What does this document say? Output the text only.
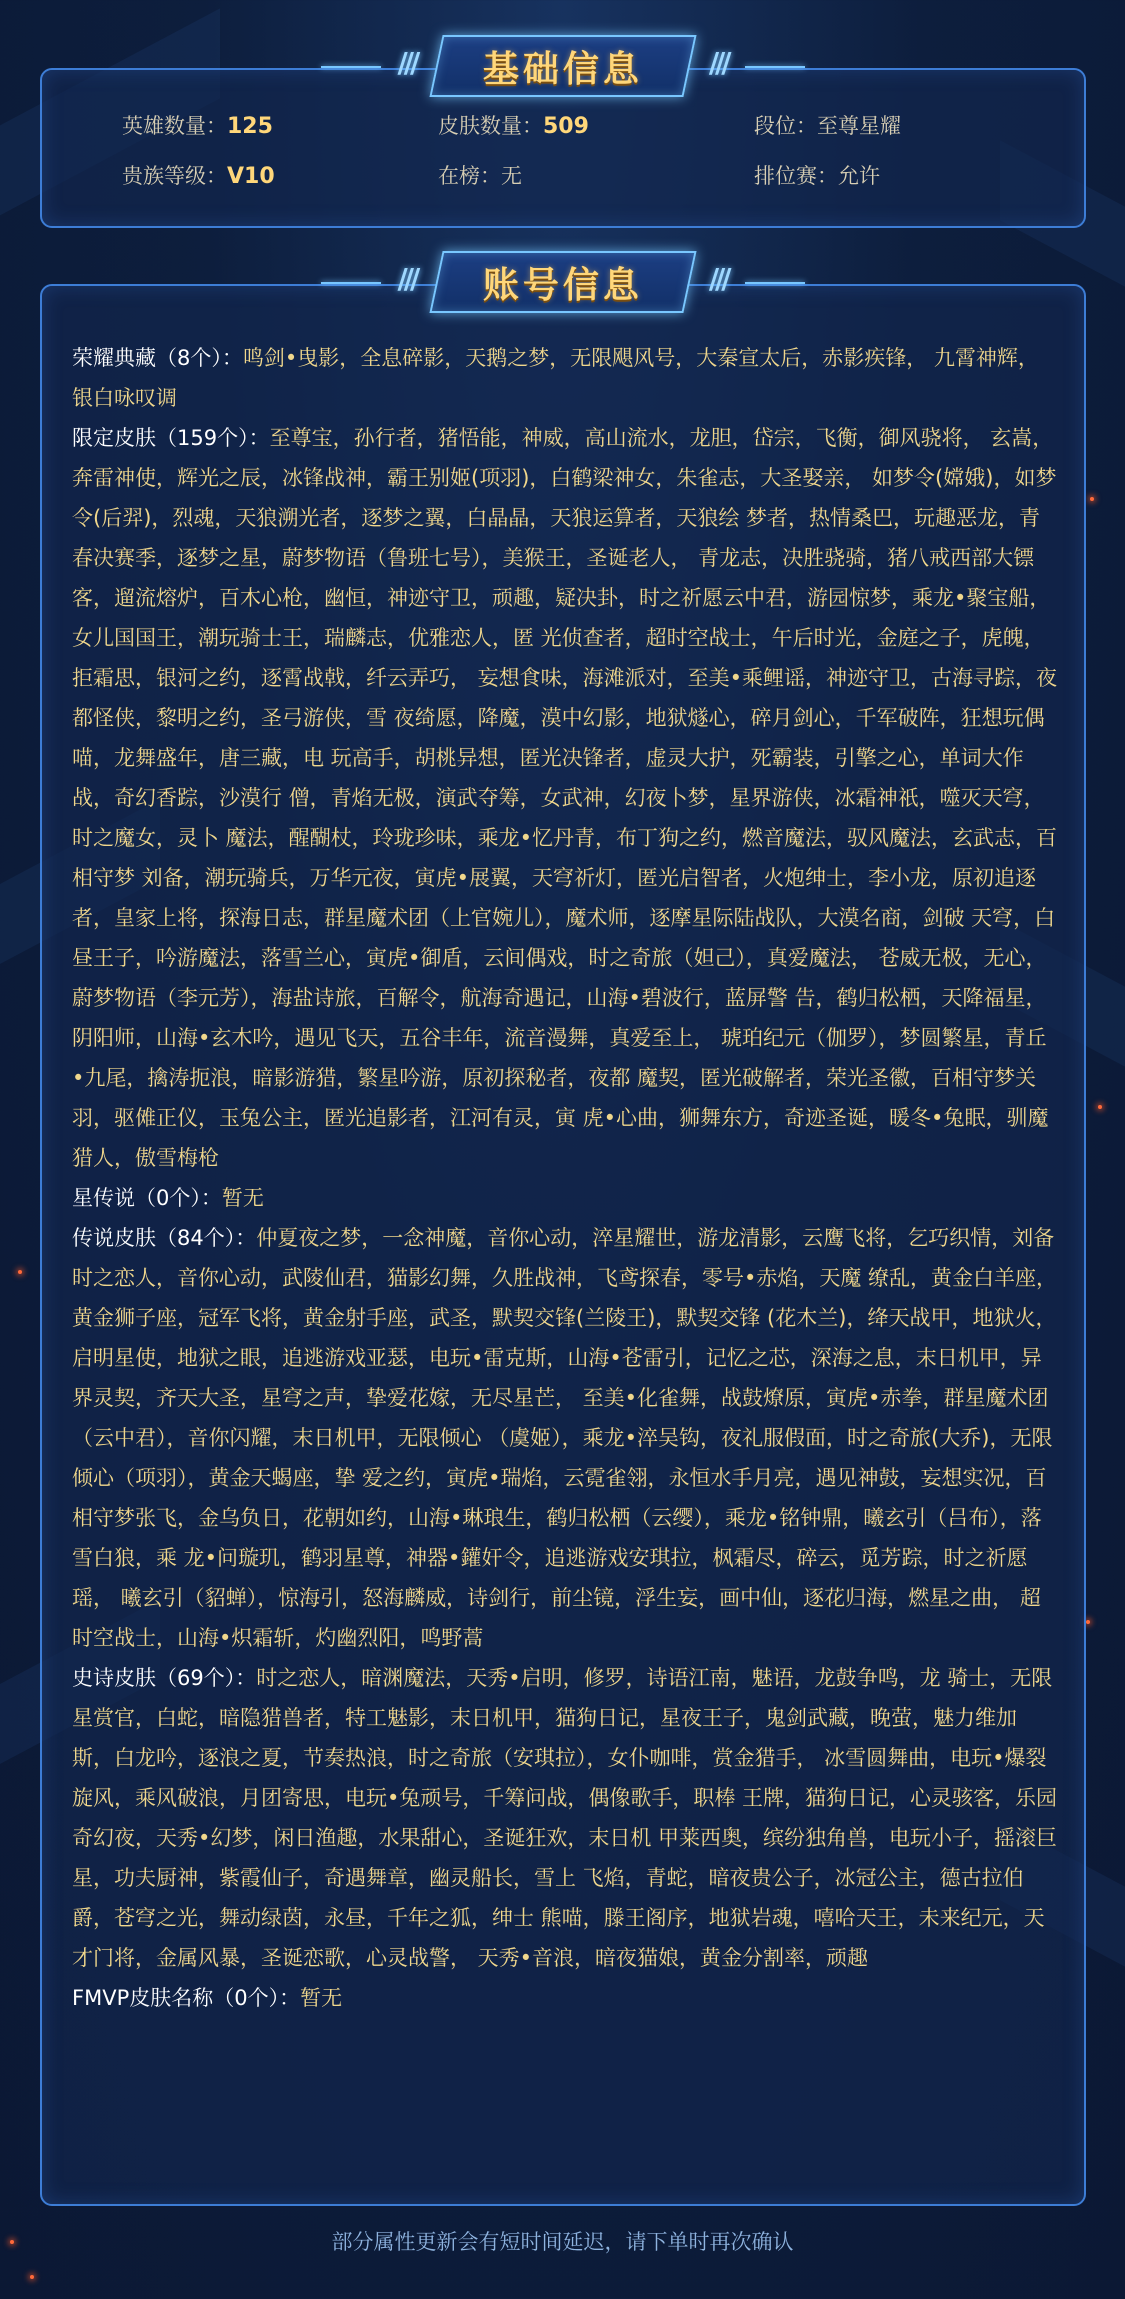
英雄数量：125	皮肤数量：509	段位：至尊星耀
贵族等级：V10	在榜：无	排位赛：允许
/// 基础信息 ///

荣耀典藏（8个）：鸣剑•曳影，全息碎影，天鹅之梦，无限飓风号，大秦宣太后，赤影疾锋， 九霄神辉，银白咏叹调

限定皮肤（159个）：至尊宝，孙行者，猪悟能，神威，高山流水，龙胆，岱宗，飞衡，御风骁将， 玄嵩，奔雷神使，辉光之辰，冰锋战神，霸王别姬(项羽)，白鹤梁神女，朱雀志，大圣娶亲， 如梦令(嫦娥)，如梦令(后羿)，烈魂，天狼溯光者，逐梦之翼，白晶晶，天狼运算者，天狼绘 梦者，热情桑巴，玩趣恶龙，青春决赛季，逐梦之星，蔚梦物语（鲁班七号），美猴王，圣诞老人， 青龙志，决胜骁骑，猪八戒西部大镖客，遛流熔炉，百木心枪，幽恒，神迹守卫，顽趣，疑决卦，时之祈愿云中君，游园惊梦，乘龙•聚宝船，女儿国国王，潮玩骑士王，瑞麟志，优雅恋人，匿 光侦查者，超时空战士，午后时光，金庭之子，虎魄，拒霜思，银河之约，逐霄战戟，纤云弄巧， 妄想食味，海滩派对，至美•乘鲤谣，神迹守卫，古海寻踪，夜都怪侠，黎明之约，圣弓游侠，雪 夜绮愿，降魔，漠中幻影，地狱燧心，碎月剑心，千军破阵，狂想玩偶喵，龙舞盛年，唐三藏，电 玩高手，胡桃异想，匿光决锋者，虚灵大护，死霸装，引擎之心，单词大作战，奇幻香踪，沙漠行 僧，青焰无极，演武夺筹，女武神，幻夜卜梦，星界游侠，冰霜神祇，噬灭天穹，时之魔女，灵卜 魔法，醒醐杖，玲珑珍味，乘龙•忆丹青，布丁狗之约，燃音魔法，驭风魔法，玄武志，百相守梦 刘备，潮玩骑兵，万华元夜，寅虎•展翼，天穹祈灯，匿光启智者，火炮绅士，李小龙，原初追逐 者，皇家上将，探海日志，群星魔术团（上官婉儿），魔术师，逐摩星际陆战队，大漠名商，剑破 天穹，白昼王子，吟游魔法，落雪兰心，寅虎•御盾，云间偶戏，时之奇旅（妲己），真爱魔法， 苍威无极，无心，蔚梦物语（李元芳），海盐诗旅，百解令，航海奇遇记，山海•碧波行，蓝屏警 告，鹤归松栖，天降福星，阴阳师，山海•玄木吟，遇见飞天，五谷丰年，流音漫舞，真爱至上， 琥珀纪元（伽罗），梦圆繁星，青丘•九尾，擒涛扼浪，暗影游猎，繁星吟游，原初探秘者，夜都 魔契，匿光破解者，荣光圣徽，百相守梦关羽，驱傩正仪，玉兔公主，匿光追影者，江河有灵，寅 虎•心曲，狮舞东方，奇迹圣诞，暖冬•兔眠，驯魔猎人，傲雪梅枪

星传说（0个）：暂无

传说皮肤（84个）：仲夏夜之梦，一念神魔，音你心动，淬星耀世，游龙清影，云鹰飞将，乞巧织情，刘备时之恋人，音你心动，武陵仙君，猫影幻舞，久胜战神，飞鸢探春，零号•赤焰，天魔 缭乱，黄金白羊座，黄金狮子座，冠军飞将，黄金射手座，武圣，默契交锋(兰陵王)，默契交锋 (花木兰)，绛天战甲，地狱火，启明星使，地狱之眼，追逃游戏亚瑟，电玩•雷克斯，山海•苍雷引，记忆之芯，深海之息，末日机甲，异界灵契，齐天大圣，星穹之声，挚爱花嫁，无尽星芒， 至美•化雀舞，战鼓燎原，寅虎•赤拳，群星魔术团（云中君），音你闪耀，末日机甲，无限倾心 （虞姬），乘龙•淬吴钩，夜礼服假面，时之奇旅(大乔)，无限倾心（项羽），黄金天蝎座，挚 爱之约，寅虎•瑞焰，云霓雀翎，永恒水手月亮，遇见神鼓，妄想实况，百相守梦张飞，金乌负日，花朝如约，山海•琳琅生，鹤归松栖（云缨），乘龙•铭钟鼎，曦玄引（吕布），落雪白狼，乘 龙•问璇玑，鹤羽星尊，神器•鑵奸令，追逃游戏安琪拉，枫霜尽，碎云，觅芳踪，时之祈愿瑶， 曦玄引（貂蝉），惊海引，怒海麟威，诗剑行，前尘镜，浮生妄，画中仙，逐花归海，燃星之曲， 超时空战士，山海•炽霜斩，灼幽烈阳，鸣野蒿

史诗皮肤（69个）：时之恋人，暗渊魔法，天秀•启明，修罗，诗语江南，魅语，龙鼓争鸣，龙 骑士，无限星赏官，白蛇，暗隐猎兽者，特工魅影，末日机甲，猫狗日记，星夜王子，鬼剑武藏，晚萤，魅力维加斯，白龙吟，逐浪之夏，节奏热浪，时之奇旅（安琪拉），女仆咖啡，赏金猎手， 冰雪圆舞曲，电玩•爆裂旋风，乘风破浪，月团寄思，电玩•兔顽号，千筹问战，偶像歌手，职棒 王牌，猫狗日记，心灵骇客，乐园奇幻夜，天秀•幻梦，闲日渔趣，水果甜心，圣诞狂欢，末日机 甲莱西奥，缤纷独角兽，电玩小子，摇滚巨星，功夫厨神，紫霞仙子，奇遇舞章，幽灵船长，雪上 飞焰，青蛇，暗夜贵公子，冰冠公主，德古拉伯爵，苍穹之光，舞动绿茵，永昼，千年之狐，绅士 熊喵，滕王阁序，地狱岩魂，嘻哈天王，未来纪元，天才门将，金属风暴，圣诞恋歌，心灵战警， 天秀•音浪，暗夜猫娘，黄金分割率，顽趣

FMVP皮肤名称（0个）：暂无

/// 账号信息 ///
部分属性更新会有短时间延迟，请下单时再次确认
